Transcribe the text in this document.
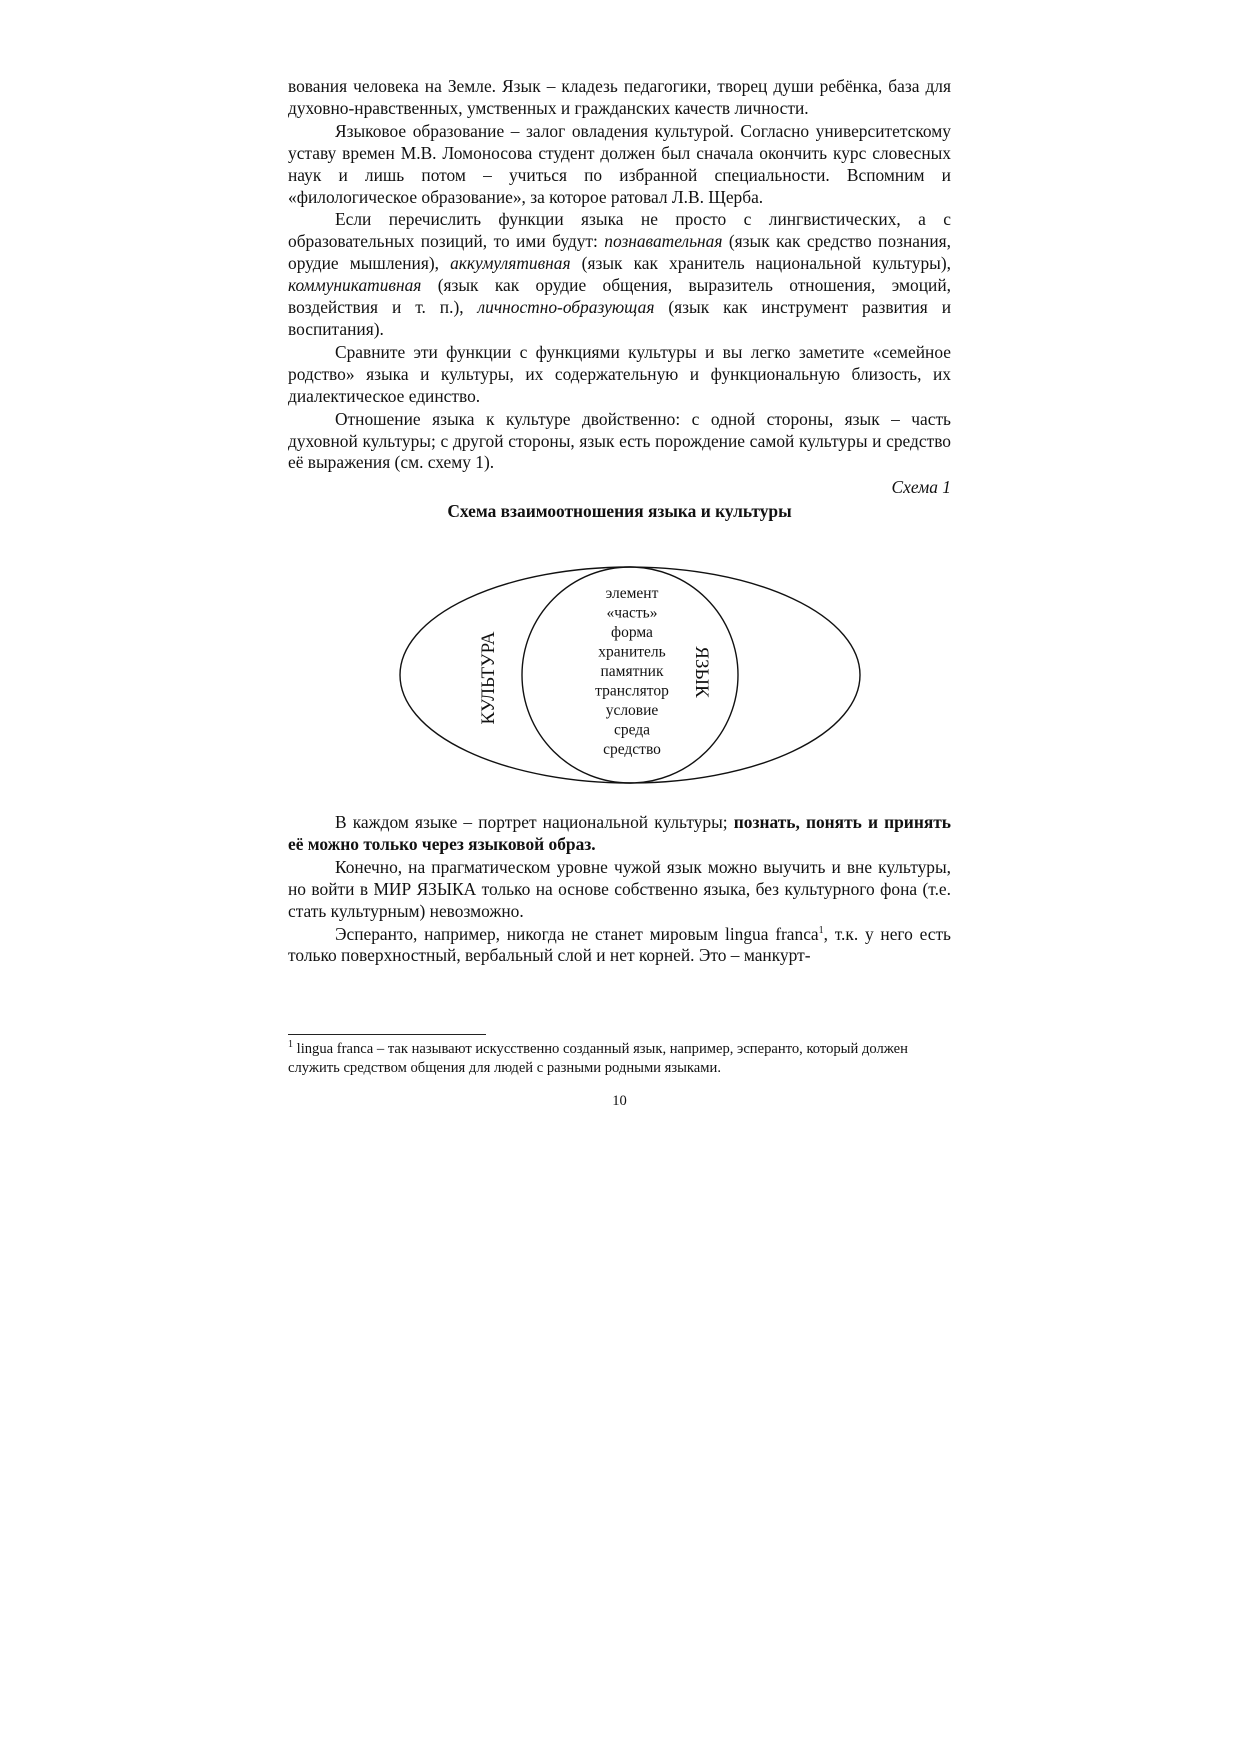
вования человека на Земле. Язык – кладезь педагогики, творец души ребёнка, база для духовно-нравственных, умственных и гражданских качеств личности.

Языковое образование – залог овладения культурой. Согласно университетскому уставу времен М.В. Ломоносова студент должен был сначала окончить курс словесных наук и лишь потом – учиться по избранной специальности. Вспомним и «филологическое образование», за которое ратовал Л.В. Щерба.

Если перечислить функции языка не просто с лингвистических, а с образовательных позиций, то ими будут: познавательная (язык как средство познания, орудие мышления), аккумулятивная (язык как хранитель национальной культуры), коммуникативная (язык как орудие общения, выразитель отношения, эмоций, воздействия и т. п.), личностно-образующая (язык как инструмент развития и воспитания).

Сравните эти функции с функциями культуры и вы легко заметите «семейное родство» языка и культуры, их содержательную и функциональную близость, их диалектическое единство.

Отношение языка к культуре двойственно: с одной стороны, язык – часть духовной культуры; с другой стороны, язык есть порождение самой культуры и средство её выражения (см. схему 1).

Схема 1
Схема взаимоотношения языка и культуры
КУЛЬТУРА	ЯЗЫК
элемент
«часть»
форма
хранитель
памятник
транслятор
условие
среда
средство

В каждом языке – портрет национальной культуры; познать, понять и принять её можно только через языковой образ.

Конечно, на прагматическом уровне чужой язык можно выучить и вне культуры, но войти в МИР ЯЗЫКА только на основе собственно языка, без культурного фона (т.е. стать культурным) невозможно.

Эсперанто, например, никогда не станет мировым lingua franca$^1$, т.к. у него есть только поверхностный, вербальный слой и нет корней. Это – манкурт-

$^1$ lingua franca – так называют искусственно созданный язык, например, эсперанто, который должен служить средством общения для людей с разными родными языками.
10
